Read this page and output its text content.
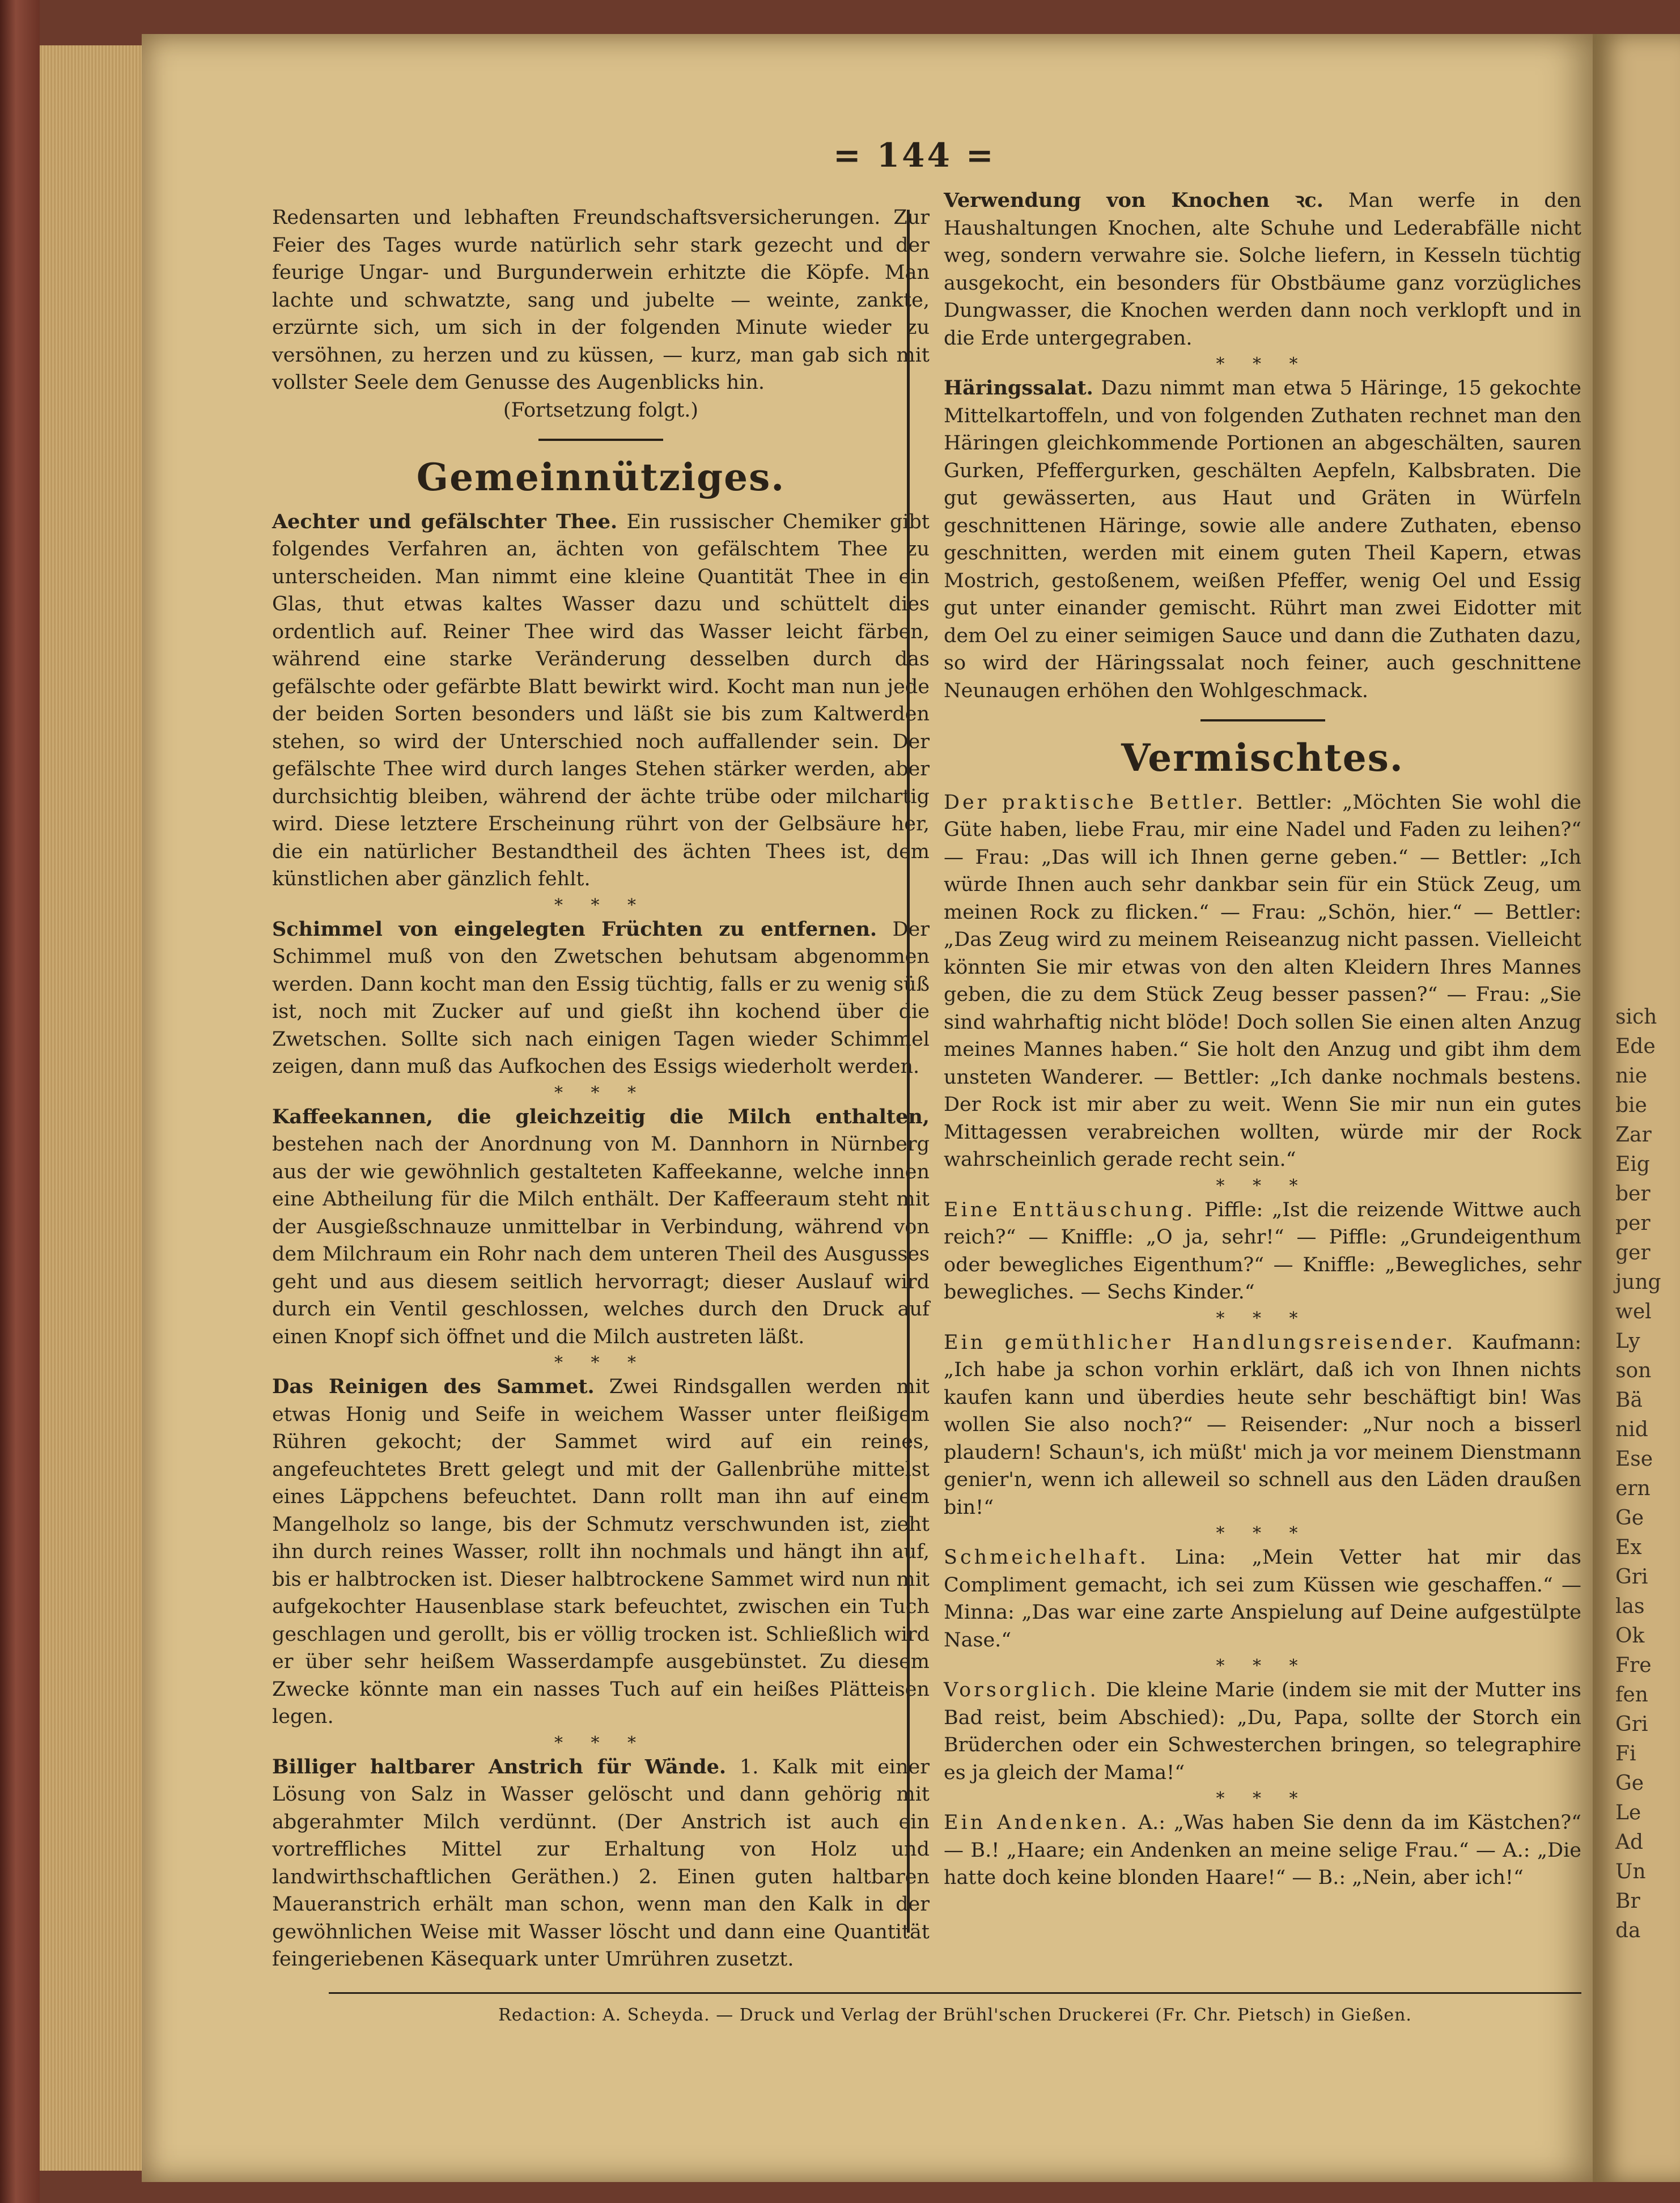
= 144 =

Redensarten und lebhaften Freundschaftsversicherungen. Zur Feier des Tages wurde natürlich sehr stark gezecht und der feurige Ungar- und Burgunderwein erhitzte die Köpfe. Man lachte und schwatzte, sang und jubelte — weinte, zankte, erzürnte sich, um sich in der folgenden Minute wieder zu versöhnen, zu herzen und zu küssen, — kurz, man gab sich mit vollster Seele dem Genusse des Augenblicks hin.

(Fortsetzung folgt.)

Gemeinnütziges.

Aechter und gefälschter Thee. Ein russischer Chemiker gibt folgendes Verfahren an, ächten von gefälschtem Thee zu unterscheiden. Man nimmt eine kleine Quantität Thee in ein Glas, thut etwas kaltes Wasser dazu und schüttelt dies ordentlich auf. Reiner Thee wird das Wasser leicht färben, während eine starke Veränderung desselben durch das gefälschte oder gefärbte Blatt bewirkt wird. Kocht man nun jede der beiden Sorten besonders und läßt sie bis zum Kaltwerden stehen, so wird der Unterschied noch auffallender sein. Der gefälschte Thee wird durch langes Stehen stärker werden, aber durchsichtig bleiben, während der ächte trübe oder milchartig wird. Diese letztere Erscheinung rührt von der Gelbsäure her, die ein natürlicher Bestandtheil des ächten Thees ist, dem künstlichen aber gänzlich fehlt.

* * *

Schimmel von eingelegten Früchten zu entfernen. Der Schimmel muß von den Zwetschen behutsam abgenommen werden. Dann kocht man den Essig tüchtig, falls er zu wenig süß ist, noch mit Zucker auf und gießt ihn kochend über die Zwetschen. Sollte sich nach einigen Tagen wieder Schimmel zeigen, dann muß das Aufkochen des Essigs wiederholt werden.

* * *

Kaffeekannen, die gleichzeitig die Milch enthalten, bestehen nach der Anordnung von M. Dannhorn in Nürnberg aus der wie gewöhnlich gestalteten Kaffeekanne, welche innen eine Abtheilung für die Milch enthält. Der Kaffeeraum steht mit der Ausgießschnauze unmittelbar in Verbindung, während von dem Milchraum ein Rohr nach dem unteren Theil des Ausgusses geht und aus diesem seitlich hervorragt; dieser Auslauf wird durch ein Ventil geschlossen, welches durch den Druck auf einen Knopf sich öffnet und die Milch austreten läßt.

* * *

Das Reinigen des Sammet. Zwei Rindsgallen werden mit etwas Honig und Seife in weichem Wasser unter fleißigem Rühren gekocht; der Sammet wird auf ein reines, angefeuchtetes Brett gelegt und mit der Gallenbrühe mittelst eines Läppchens befeuchtet. Dann rollt man ihn auf einem Mangelholz so lange, bis der Schmutz verschwunden ist, zieht ihn durch reines Wasser, rollt ihn nochmals und hängt ihn auf, bis er halbtrocken ist. Dieser halbtrockene Sammet wird nun mit aufgekochter Hausenblase stark befeuchtet, zwischen ein Tuch geschlagen und gerollt, bis er völlig trocken ist. Schließlich wird er über sehr heißem Wasserdampfe ausgebünstet. Zu diesem Zwecke könnte man ein nasses Tuch auf ein heißes Plätteisen legen.

* * *

Billiger haltbarer Anstrich für Wände. 1. Kalk mit einer Lösung von Salz in Wasser gelöscht und dann gehörig mit abgerahmter Milch verdünnt. (Der Anstrich ist auch ein vortreffliches Mittel zur Erhaltung von Holz und landwirthschaftlichen Geräthen.) 2. Einen guten haltbaren Maueranstrich erhält man schon, wenn man den Kalk in der gewöhnlichen Weise mit Wasser löscht und dann eine Quantität feingeriebenen Käsequark unter Umrühren zusetzt.

Verwendung von Knochen ꝛc. Man werfe in den Haushaltungen Knochen, alte Schuhe und Lederabfälle nicht weg, sondern verwahre sie. Solche liefern, in Kesseln tüchtig ausgekocht, ein besonders für Obstbäume ganz vorzügliches Dungwasser, die Knochen werden dann noch verklopft und in die Erde untergegraben.

* * *

Häringssalat. Dazu nimmt man etwa 5 Häringe, 15 gekochte Mittelkartoffeln, und von folgenden Zuthaten rechnet man den Häringen gleichkommende Portionen an abgeschälten, sauren Gurken, Pfeffergurken, geschälten Aepfeln, Kalbsbraten. Die gut gewässerten, aus Haut und Gräten in Würfeln geschnittenen Häringe, sowie alle andere Zuthaten, ebenso geschnitten, werden mit einem guten Theil Kapern, etwas Mostrich, gestoßenem, weißen Pfeffer, wenig Oel und Essig gut unter einander gemischt. Rührt man zwei Eidotter mit dem Oel zu einer seimigen Sauce und dann die Zuthaten dazu, so wird der Häringssalat noch feiner, auch geschnittene Neunaugen erhöhen den Wohlgeschmack.

Vermischtes.

Der praktische Bettler. Bettler: „Möchten Sie wohl die Güte haben, liebe Frau, mir eine Nadel und Faden zu leihen?“ — Frau: „Das will ich Ihnen gerne geben.“ — Bettler: „Ich würde Ihnen auch sehr dankbar sein für ein Stück Zeug, um meinen Rock zu flicken.“ — Frau: „Schön, hier.“ — Bettler: „Das Zeug wird zu meinem Reiseanzug nicht passen. Vielleicht könnten Sie mir etwas von den alten Kleidern Ihres Mannes geben, die zu dem Stück Zeug besser passen?“ — Frau: „Sie sind wahrhaftig nicht blöde! Doch sollen Sie einen alten Anzug meines Mannes haben.“ Sie holt den Anzug und gibt ihm dem unsteten Wanderer. — Bettler: „Ich danke nochmals bestens. Der Rock ist mir aber zu weit. Wenn Sie mir nun ein gutes Mittagessen verabreichen wollten, würde mir der Rock wahrscheinlich gerade recht sein.“

* * *

Eine Enttäuschung. Piffle: „Ist die reizende Wittwe auch reich?“ — Kniffle: „O ja, sehr!“ — Piffle: „Grundeigenthum oder bewegliches Eigenthum?“ — Kniffle: „Bewegliches, sehr bewegliches. — Sechs Kinder.“

* * *

Ein gemüthlicher Handlungsreisender. Kaufmann: „Ich habe ja schon vorhin erklärt, daß ich von Ihnen nichts kaufen kann und überdies heute sehr beschäftigt bin! Was wollen Sie also noch?“ — Reisender: „Nur noch a bisserl plaudern! Schaun's, ich müßt' mich ja vor meinem Dienstmann genier'n, wenn ich alleweil so schnell aus den Läden draußen bin!“

* * *

Schmeichelhaft. Lina: „Mein Vetter hat mir das Compliment gemacht, ich sei zum Küssen wie geschaffen.“ — Minna: „Das war eine zarte Anspielung auf Deine aufgestülpte Nase.“

* * *

Vorsorglich. Die kleine Marie (indem sie mit der Mutter ins Bad reist, beim Abschied): „Du, Papa, sollte der Storch ein Brüderchen oder ein Schwesterchen bringen, so telegraphire es ja gleich der Mama!“

* * *

Ein Andenken. A.: „Was haben Sie denn da im Kästchen?“ — B.! „Haare; ein Andenken an meine selige Frau.“ — A.: „Die hatte doch keine blonden Haare!“ — B.: „Nein, aber ich!“

Redaction: A. Scheyda. — Druck und Verlag der Brühl'schen Druckerei (Fr. Chr. Pietsch) in Gießen.
sich
Ede
nie
bie
Zar
Eig
ber
per
ger
jung
wel
Ly
son
Bä
nid
Ese
ern
Ge
Ex
Gri
las
Ok
Fre
fen
Gri
Fi
Ge
Le
Ad
Un
Br
da
